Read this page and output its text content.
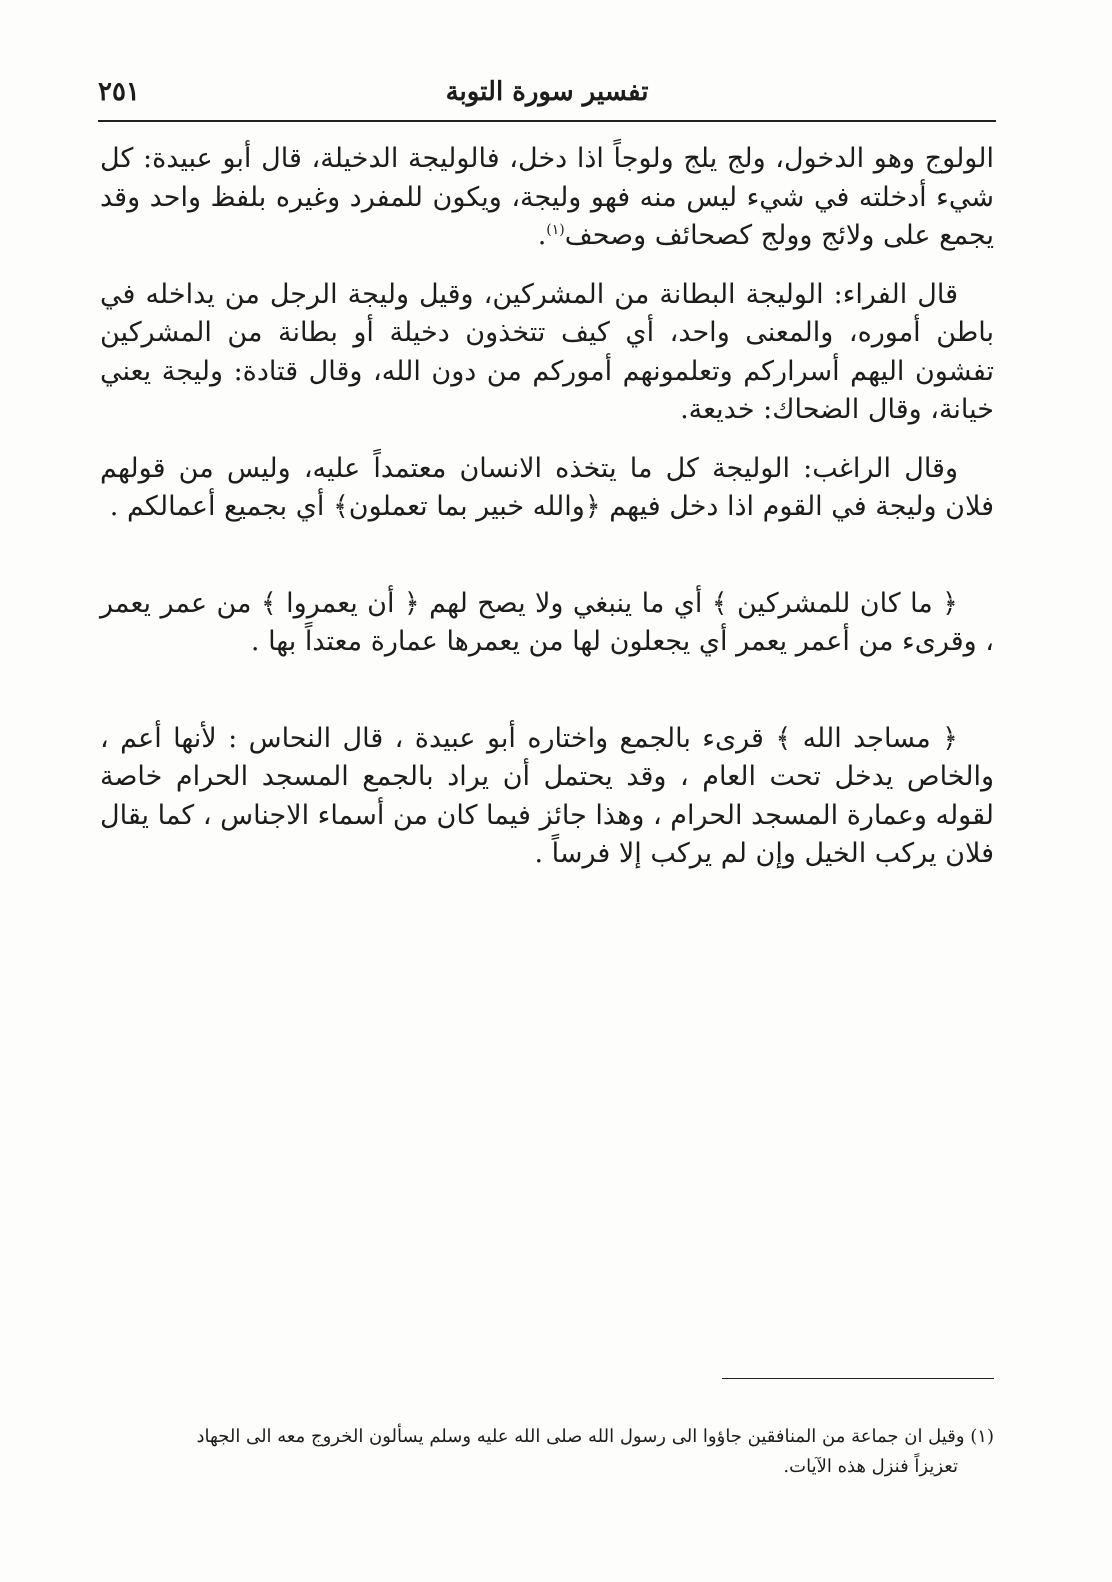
تفسير سورة التوبة
٢٥١

الولوج وهو الدخول، ولج يلج ولوجاً اذا دخل، فالوليجة الدخيلة، قال أبو عبيدة: كل شيء أدخلته في شيء ليس منه فهو وليجة، ويكون للمفرد وغيره بلفظ واحد وقد يجمع على ولائج وولج كصحائف وصحف$^{(١)}$.

قال الفراء: الوليجة البطانة من المشركين، وقيل وليجة الرجل من يداخله في باطن أموره، والمعنى واحد، أي كيف تتخذون دخيلة أو بطانة من المشركين تفشون اليهم أسراركم وتعلمونهم أموركم من دون الله، وقال قتادة: وليجة يعني خيانة، وقال الضحاك: خديعة.

وقال الراغب: الوليجة كل ما يتخذه الانسان معتمداً عليه، وليس من قولهم فلان وليجة في القوم اذا دخل فيهم ﴿والله خبير بما تعملون﴾ أي بجميع أعمالكم .

﴿ ما كان للمشركين ﴾ أي ما ينبغي ولا يصح لهم ﴿ أن يعمروا ﴾ من عمر يعمر ، وقرىء من أعمر يعمر أي يجعلون لها من يعمرها عمارة معتداً بها .

﴿ مساجد الله ﴾ قرىء بالجمع واختاره أبو عبيدة ، قال النحاس : لأنها أعم ، والخاص يدخل تحت العام ، وقد يحتمل أن يراد بالجمع المسجد الحرام خاصة لقوله وعمارة المسجد الحرام ، وهذا جائز فيما كان من أسماء الاجناس ، كما يقال فلان يركب الخيل وإن لم يركب إلا فرساً .

(١) وقيل ان جماعة من المنافقين جاؤوا الى رسول الله صلى الله عليه وسلم يسألون الخروج معه الى الجهاد
تعزيزاً فنزل هذه الآيات.
